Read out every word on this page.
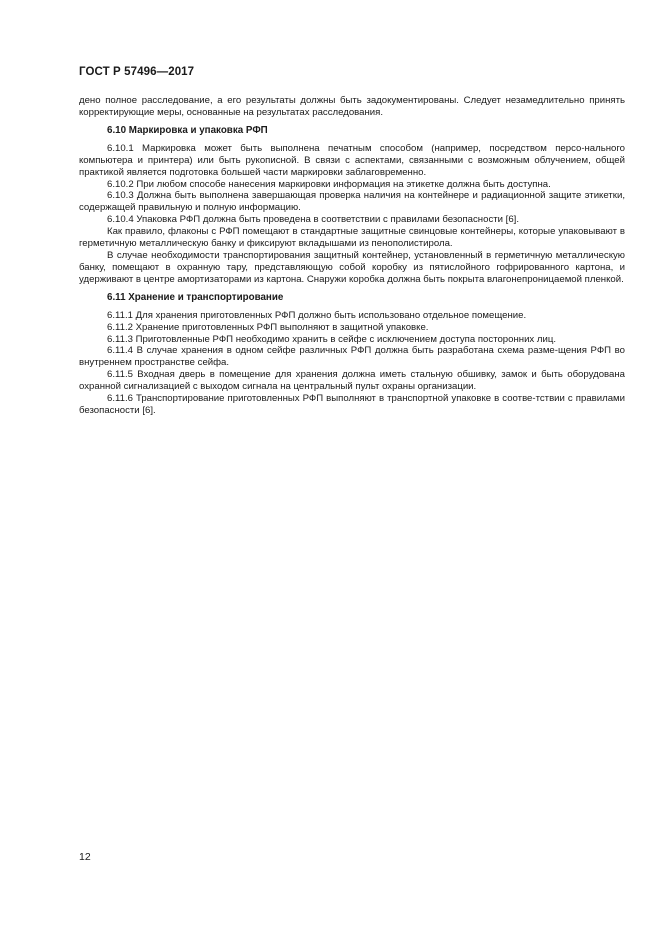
ГОСТ Р 57496—2017

дено полное расследование, а его результаты должны быть задокументированы. Следует незамедлительно принять корректирующие меры, основанные на результатах расследования.

6.10 Маркировка и упаковка РФП

6.10.1 Маркировка может быть выполнена печатным способом (например, посредством персо-нального компьютера и принтера) или быть рукописной. В связи с аспектами, связанными с возможным облучением, общей практикой является подготовка большей части маркировки заблаговременно.

6.10.2 При любом способе нанесения маркировки информация на этикетке должна быть доступна.

6.10.3 Должна быть выполнена завершающая проверка наличия на контейнере и радиационной защите этикетки, содержащей правильную и полную информацию.

6.10.4 Упаковка РФП должна быть проведена в соответствии с правилами безопасности [6].

Как правило, флаконы с РФП помещают в стандартные защитные свинцовые контейнеры, которые упаковывают в герметичную металлическую банку и фиксируют вкладышами из пенополистирола.

В случае необходимости транспортирования защитный контейнер, установленный в герметичную металлическую банку, помещают в охранную тару, представляющую собой коробку из пятислойного гофрированного картона, и удерживают в центре амортизаторами из картона. Снаружи коробка должна быть покрыта влагонепроницаемой пленкой.

6.11 Хранение и транспортирование

6.11.1 Для хранения приготовленных РФП должно быть использовано отдельное помещение.

6.11.2 Хранение приготовленных РФП выполняют в защитной упаковке.

6.11.3 Приготовленные РФП необходимо хранить в сейфе с исключением доступа посторонних лиц.

6.11.4 В случае хранения в одном сейфе различных РФП должна быть разработана схема разме-щения РФП во внутреннем пространстве сейфа.

6.11.5 Входная дверь в помещение для хранения должна иметь стальную обшивку, замок и быть оборудована охранной сигнализацией с выходом сигнала на центральный пульт охраны организации.

6.11.6 Транспортирование приготовленных РФП выполняют в транспортной упаковке в соотве-тствии с правилами безопасности [6].

12
